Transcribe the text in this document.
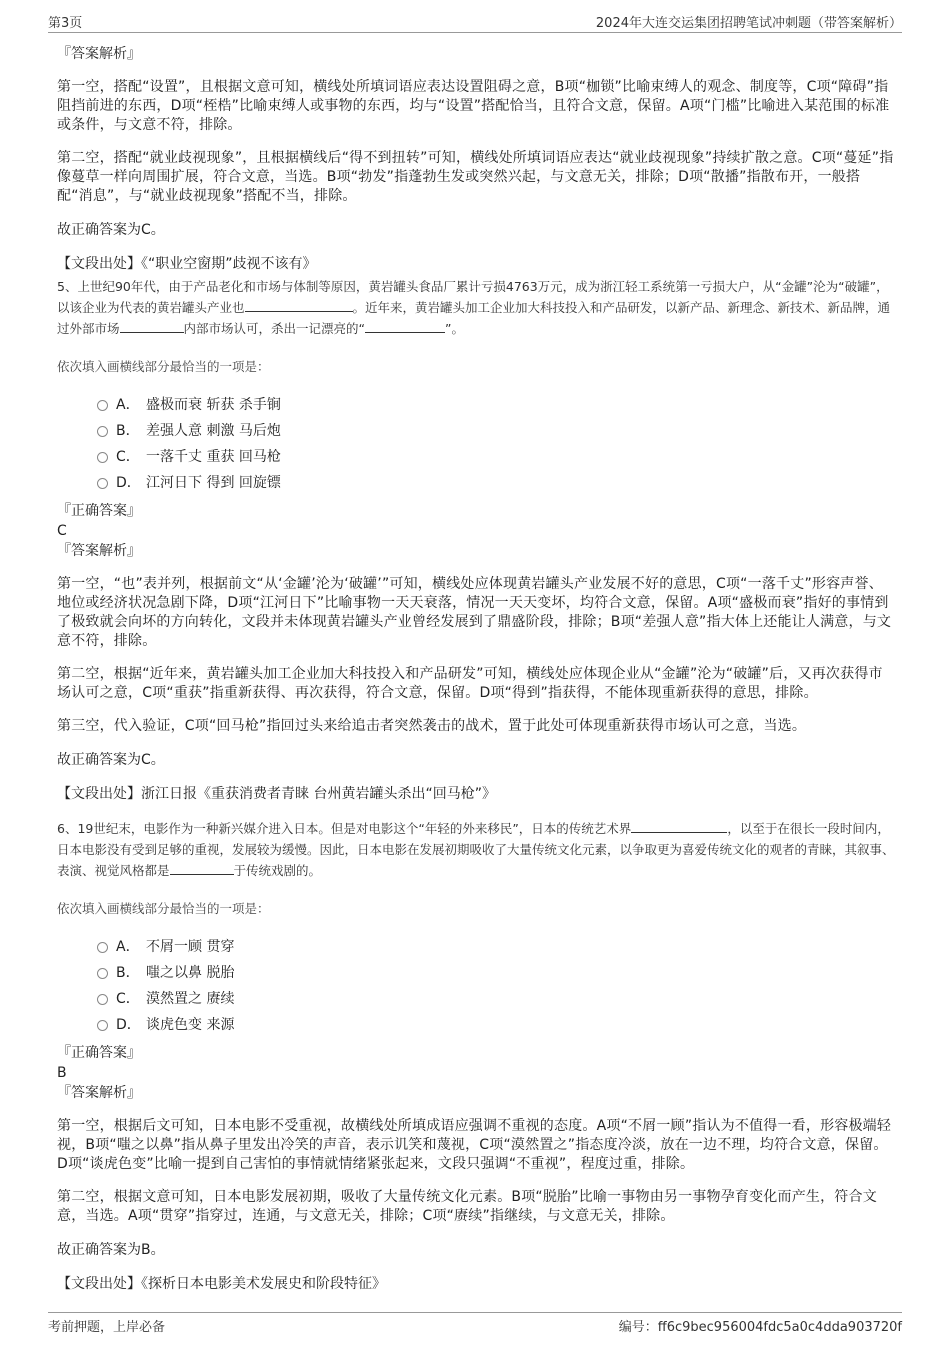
第3页	2024年大连交运集团招聘笔试冲刺题（带答案解析）
『答案解析』

第一空，搭配“设置”，且根据文意可知，横线处所填词语应表达设置阻碍之意，B项“枷锁”比喻束缚人的观念、制度等，C项“障碍”指阻挡前进的东西，D项“桎梏”比喻束缚人或事物的东西，均与“设置”搭配恰当，且符合文意，保留。A项“门槛”比喻进入某范围的标准或条件，与文意不符，排除。

第二空，搭配“就业歧视现象”，且根据横线后“得不到扭转”可知，横线处所填词语应表达“就业歧视现象”持续扩散之意。C项“蔓延”指像蔓草一样向周围扩展，符合文意，当选。B项“勃发”指蓬勃生发或突然兴起，与文意无关，排除；D项“散播”指散布开，一般搭配“消息”，与“就业歧视现象”搭配不当，排除。

故正确答案为C。

【文段出处】《“职业空窗期”歧视不该有》

5、上世纪90年代，由于产品老化和市场与体制等原因，黄岩罐头食品厂累计亏损4763万元，成为浙江轻工系统第一亏损大户，从“金罐”沦为“破罐”，以该企业为代表的黄岩罐头产业也	。近年来，黄岩罐头加工企业加大科技投入和产品研发，以新产品、新理念、新技术、新品牌，通过外部市场	内部市场认可，杀出一记漂亮的“	”。
依次填入画横线部分最恰当的一项是：
A． 盛极而衰 斩获 杀手锏
B． 差强人意 刺激 马后炮
C． 一落千丈 重获 回马枪
D． 江河日下 得到 回旋镖
『正确答案』
C
『答案解析』

第一空，“也”表并列，根据前文“从‘金罐’沦为‘破罐’”可知，横线处应体现黄岩罐头产业发展不好的意思，C项“一落千丈”形容声誉、地位或经济状况急剧下降，D项“江河日下”比喻事物一天天衰落，情况一天天变坏，均符合文意，保留。A项“盛极而衰”指好的事情到了极致就会向坏的方向转化，文段并未体现黄岩罐头产业曾经发展到了鼎盛阶段，排除；B项“差强人意”指大体上还能让人满意，与文意不符，排除。

第二空，根据“近年来，黄岩罐头加工企业加大科技投入和产品研发”可知，横线处应体现企业从“金罐”沦为“破罐”后，又再次获得市场认可之意，C项“重获”指重新获得、再次获得，符合文意，保留。D项“得到”指获得，不能体现重新获得的意思，排除。

第三空，代入验证，C项“回马枪”指回过头来给追击者突然袭击的战术，置于此处可体现重新获得市场认可之意，当选。

故正确答案为C。

【文段出处】浙江日报《重获消费者青睐 台州黄岩罐头杀出“回马枪”》

6、19世纪末，电影作为一种新兴媒介进入日本。但是对电影这个“年轻的外来移民”，日本的传统艺术界	，以至于在很长一段时间内，日本电影没有受到足够的重视，发展较为缓慢。因此，日本电影在发展初期吸收了大量传统文化元素，以争取更为喜爱传统文化的观者的青睐，其叙事、表演、视觉风格都是	于传统戏剧的。
依次填入画横线部分最恰当的一项是：
A． 不屑一顾 贯穿
B． 嗤之以鼻 脱胎
C． 漠然置之 赓续
D． 谈虎色变 来源
『正确答案』
B
『答案解析』

第一空，根据后文可知，日本电影不受重视，故横线处所填成语应强调不重视的态度。A项“不屑一顾”指认为不值得一看，形容极端轻视，B项“嗤之以鼻”指从鼻子里发出冷笑的声音，表示讥笑和蔑视，C项“漠然置之”指态度冷淡，放在一边不理，均符合文意，保留。D项“谈虎色变”比喻一提到自己害怕的事情就情绪紧张起来，文段只强调“不重视”，程度过重，排除。

第二空，根据文意可知，日本电影发展初期，吸收了大量传统文化元素。B项“脱胎”比喻一事物由另一事物孕育变化而产生，符合文意，当选。A项“贯穿”指穿过，连通，与文意无关，排除；C项“赓续”指继续，与文意无关，排除。

故正确答案为B。

【文段出处】《探析日本电影美术发展史和阶段特征》

考前押题，上岸必备	编号：ff6c9bec956004fdc5a0c4dda903720f
